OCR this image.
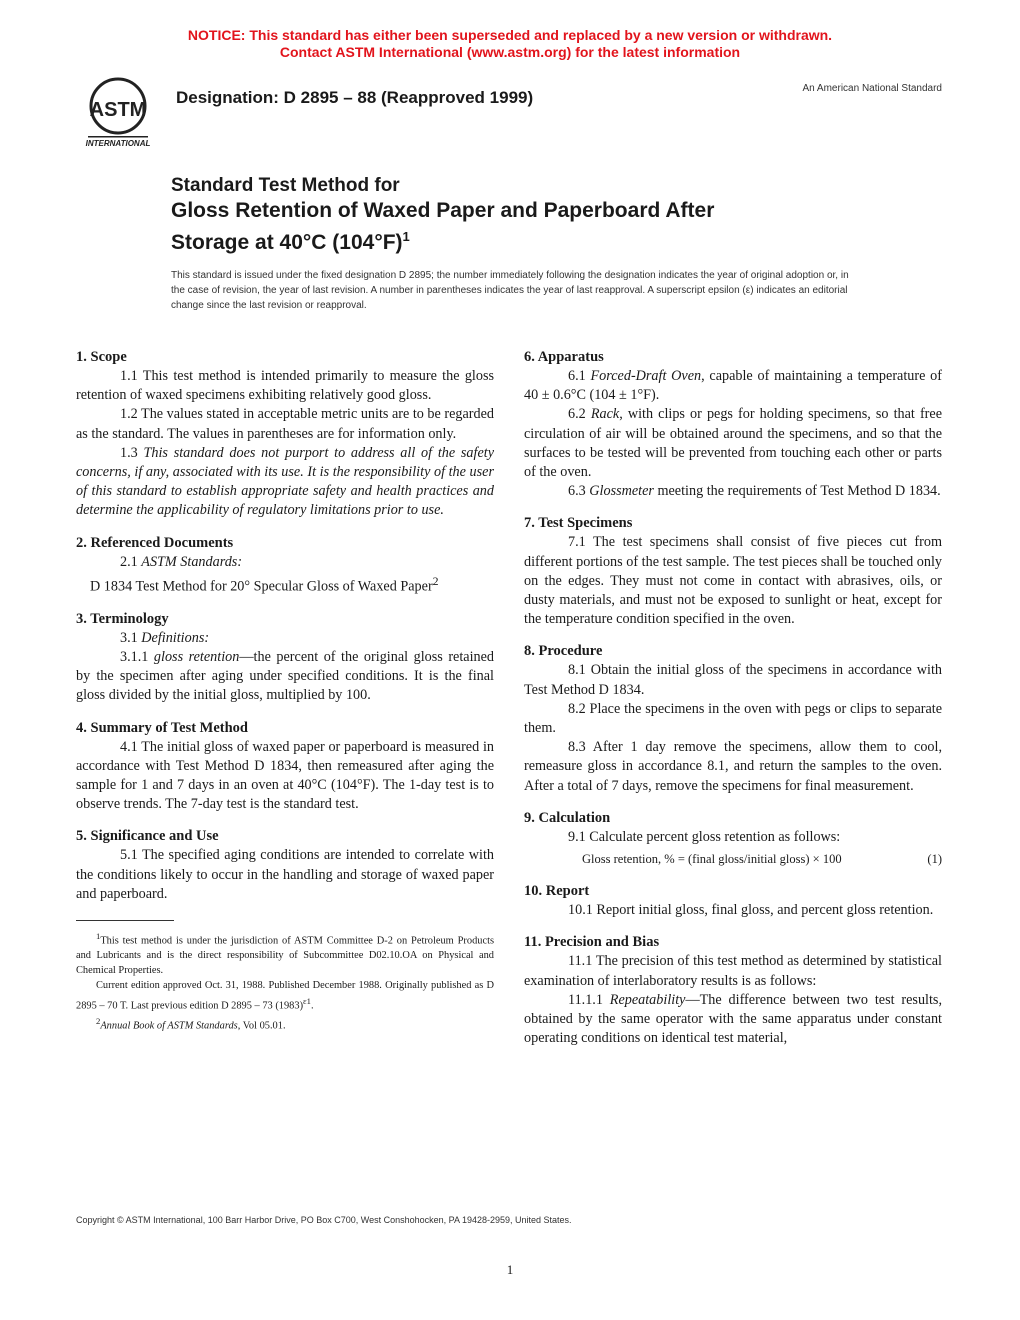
NOTICE: This standard has either been superseded and replaced by a new version or withdrawn.
Contact ASTM International (www.astm.org) for the latest information
ASTM
INTERNATIONAL
Designation: D 2895 – 88 (Reapproved 1999)	An American National Standard
Standard Test Method for
Gloss Retention of Waxed Paper and Paperboard After
Storage at 40°C $(104^\circ F)^1$
This standard is issued under the fixed designation D 2895; the number immediately following the designation indicates the year of original adoption or, in the case of revision, the year of last revision. A number in parentheses indicates the year of last reapproval. A superscript epsilon (ε) indicates an editorial change since the last revision or reapproval.
1. Scope

1.1 This test method is intended primarily to measure the gloss retention of waxed specimens exhibiting relatively good gloss.

1.2 The values stated in acceptable metric units are to be regarded as the standard. The values in parentheses are for information only.

1.3 This standard does not purport to address all of the safety concerns, if any, associated with its use. It is the responsibility of the user of this standard to establish appropriate safety and health practices and determine the applicability of regulatory limitations prior to use.

2. Referenced Documents

2.1 ASTM Standards:

D 1834 Test Method for 20° Specular Gloss of Waxed Paper$^2$

3. Terminology

3.1 Definitions:

3.1.1 gloss retention—the percent of the original gloss retained by the specimen after aging under specified conditions. It is the final gloss divided by the initial gloss, multiplied by 100.

4. Summary of Test Method

4.1 The initial gloss of waxed paper or paperboard is measured in accordance with Test Method D 1834, then remeasured after aging the sample for 1 and 7 days in an oven at 40°C (104°F). The 1-day test is to observe trends. The 7-day test is the standard test.

5. Significance and Use

5.1 The specified aging conditions are intended to correlate with the conditions likely to occur in the handling and storage of waxed paper and paperboard.

$^1$This test method is under the jurisdiction of ASTM Committee D-2 on Petroleum Products and Lubricants and is the direct responsibility of Subcommittee D02.10.OA on Physical and Chemical Properties.

Current edition approved Oct. 31, 1988. Published December 1988. Originally published as D 2895 – 70 T. Last previous edition D 2895 – 73 $(1983)^{\varepsilon 1}$.

$^2$Annual Book of ASTM Standards, Vol 05.01.

6. Apparatus

6.1 Forced-Draft Oven, capable of maintaining a temperature of 40 ± 0.6°C (104 ± 1°F).

6.2 Rack, with clips or pegs for holding specimens, so that free circulation of air will be obtained around the specimens, and so that the surfaces to be tested will be prevented from touching each other or parts of the oven.

6.3 Glossmeter meeting the requirements of Test Method D 1834.

7. Test Specimens

7.1 The test specimens shall consist of five pieces cut from different portions of the test sample. The test pieces shall be touched only on the edges. They must not come in contact with abrasives, oils, or dusty materials, and must not be exposed to sunlight or heat, except for the temperature condition specified in the oven.

8. Procedure

8.1 Obtain the initial gloss of the specimens in accordance with Test Method D 1834.

8.2 Place the specimens in the oven with pegs or clips to separate them.

8.3 After 1 day remove the specimens, allow them to cool, remeasure gloss in accordance 8.1, and return the samples to the oven. After a total of 7 days, remove the specimens for final measurement.

9. Calculation

9.1 Calculate percent gloss retention as follows:

Gloss retention, % = (final gloss/initial gloss) × 100	(1)
10. Report

10.1 Report initial gloss, final gloss, and percent gloss retention.

11. Precision and Bias

11.1 The precision of this test method as determined by statistical examination of interlaboratory results is as follows:

11.1.1 Repeatability—The difference between two test results, obtained by the same operator with the same apparatus under constant operating conditions on identical test material,

Copyright © ASTM International, 100 Barr Harbor Drive, PO Box C700, West Conshohocken, PA 19428-2959, United States.
1
